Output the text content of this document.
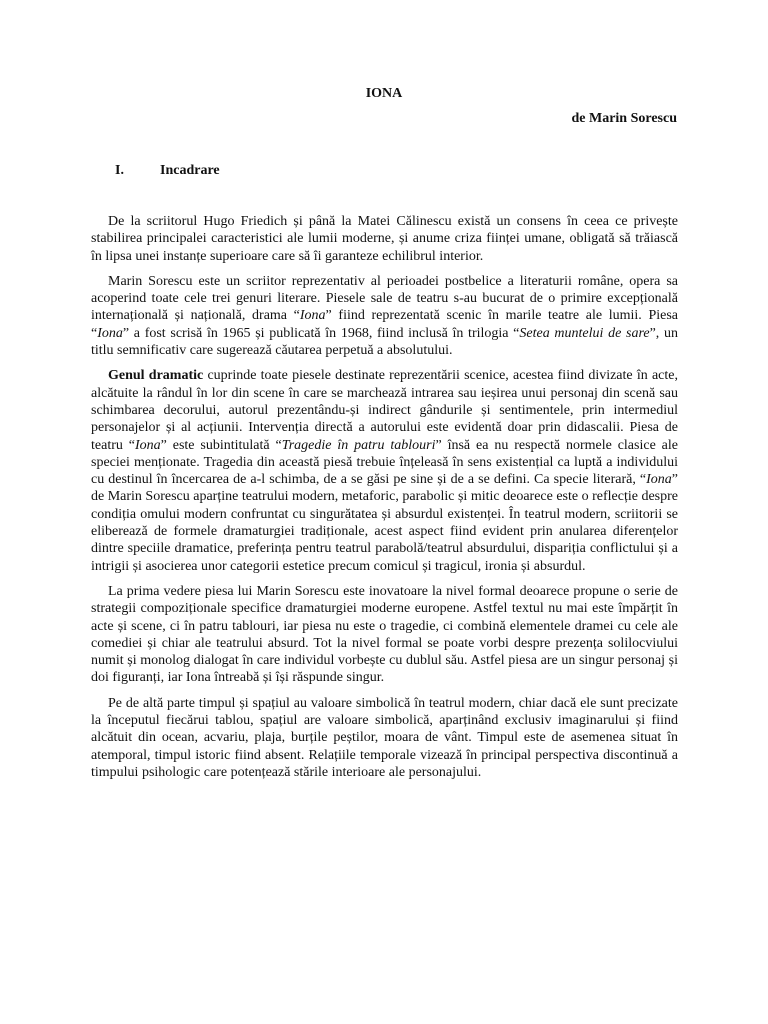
IONA
de Marin Sorescu
I.	Incadrare

De la scriitorul Hugo Friedich și până la Matei Călinescu există un consens în ceea ce privește stabilirea principalei caracteristici ale lumii moderne, și anume criza ființei umane, obligată să trăiască în lipsa unei instanțe superioare care să îi garanteze echilibrul interior.

Marin Sorescu este un scriitor reprezentativ al perioadei postbelice a literaturii române, opera sa acoperind toate cele trei genuri literare. Piesele sale de teatru s-au bucurat de o primire excepțională internațională și națională, drama “Iona” fiind reprezentată scenic în marile teatre ale lumii. Piesa “Iona” a fost scrisă în 1965 și publicată în 1968, fiind inclusă în trilogia “Setea muntelui de sare”, un titlu semnificativ care sugerează căutarea perpetuă a absolutului.

Genul dramatic cuprinde toate piesele destinate reprezentării scenice, acestea fiind divizate în acte, alcătuite la rândul în lor din scene în care se marchează intrarea sau ieșirea unui personaj din scenă sau schimbarea decorului, autorul prezentându-și indirect gândurile și sentimentele, prin intermediul personajelor și al acțiunii. Intervenția directă a autorului este evidentă doar prin didascalii. Piesa de teatru “Iona” este subintitulată “Tragedie în patru tablouri” însă ea nu respectă normele clasice ale speciei menționate. Tragedia din această piesă trebuie înțeleasă în sens existențial ca luptă a individului cu destinul în încercarea de a-l schimba, de a se găsi pe sine și de a se defini. Ca specie literară, “Iona” de Marin Sorescu aparține teatrului modern, metaforic, parabolic și mitic deoarece este o reflecție despre condiția omului modern confruntat cu singurătatea și absurdul existenței. În teatrul modern, scriitorii se eliberează de formele dramaturgiei tradiționale, acest aspect fiind evident prin anularea diferențelor dintre speciile dramatice, preferința pentru teatrul parabolă/teatrul absurdului, dispariția conflictului și a intrigii și asocierea unor categorii estetice precum comicul și tragicul, ironia și absurdul.

La prima vedere piesa lui Marin Sorescu este inovatoare la nivel formal deoarece propune o serie de strategii compoziționale specifice dramaturgiei moderne europene. Astfel textul nu mai este împărțit în acte și scene, ci în patru tablouri, iar piesa nu este o tragedie, ci combină elementele dramei cu cele ale comediei și chiar ale teatrului absurd. Tot la nivel formal se poate vorbi despre prezența solilocviului numit și monolog dialogat în care individul vorbește cu dublul său. Astfel piesa are un singur personaj și doi figuranți, iar Iona întreabă și își răspunde singur.

Pe de altă parte timpul și spațiul au valoare simbolică în teatrul modern, chiar dacă ele sunt precizate la începutul fiecărui tablou, spațiul are valoare simbolică, aparținând exclusiv imaginarului și fiind alcătuit din ocean, acvariu, plaja, burțile peștilor, moara de vânt. Timpul este de asemenea situat în atemporal, timpul istoric fiind absent. Relațiile temporale vizează în principal perspectiva discontinuă a timpului psihologic care potențează stările interioare ale personajului.
